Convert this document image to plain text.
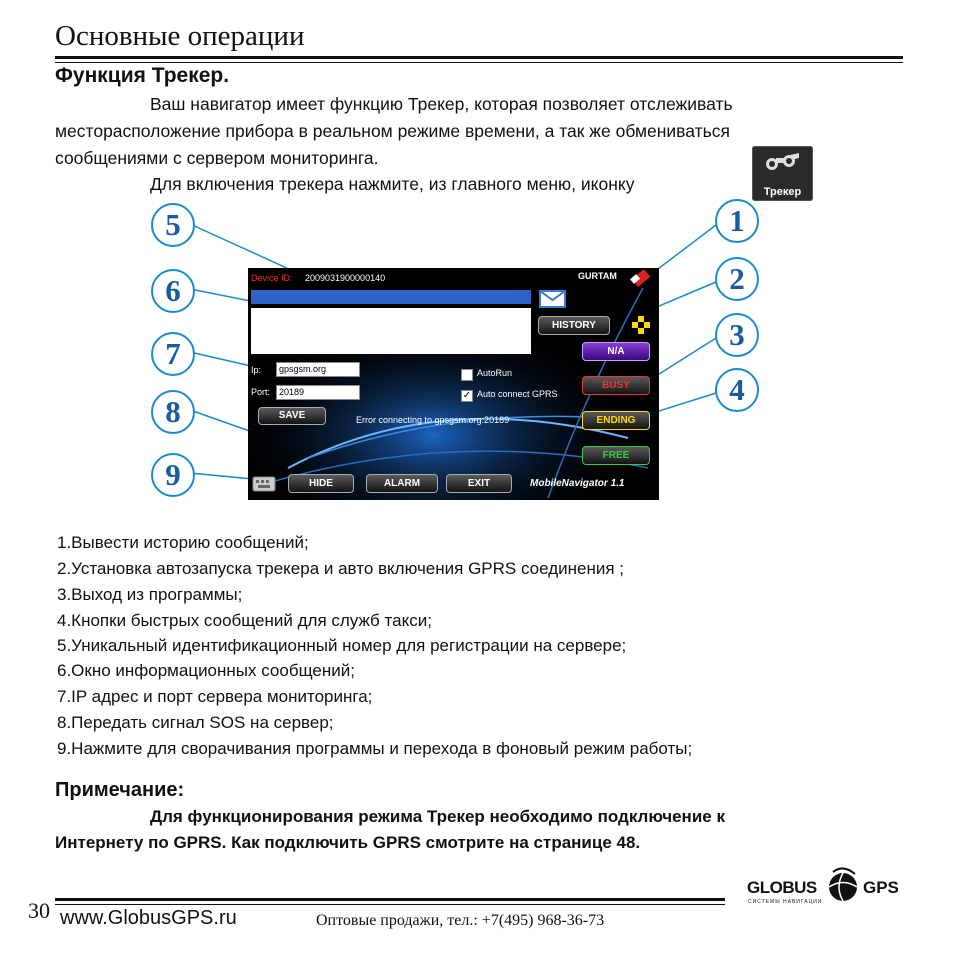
Основные операции
Функция Трекер.
Ваш навигатор имеет функцию Трекер, которая позволяет отслеживать
месторасположение прибора в реальном режиме времени, а так же обмениваться
сообщениями с сервером мониторинга.
Для включения трекера нажмите, из главного меню, иконку	Трекер
Device ID: 2009031900000140	GURTAM
HISTORY
Ip:	gpsgsm.org
Port: 20189
SAVE
AutoRun
✓ Auto connect GPRS
Error connecting to gpsgsm.org:20189
N/A
BUSY
ENDING
FREE
HIDE	ALARM	EXIT	MobileNavigator 1.1
1
2
3
4
5
6
7
8
9
1.Вывести историю сообщений;
2.Установка автозапуска трекера и авто включения GPRS соединения ;
3.Выход из программы;
4.Кнопки быстрых сообщений для служб такси;
5.Уникальный идентификационный номер для регистрации на сервере;
6.Окно информационных сообщений;
7.IP адрес и порт сервера мониторинга;
8.Передать сигнал SOS на сервер;
9.Нажмите для сворачивания программы и перехода в фоновый режим работы;
Примечание:
Для функционирования режима Трекер необходимо подключение к
Интернету по GPRS. Как подключить GPRS смотрите на странице 48.
GLOBUS	GPS
СИСТЕМЫ НАВИГАЦИИ
30 www.GlobusGPS.ru	Оптовые продажи, тел.: +7(495) 968-36-73
